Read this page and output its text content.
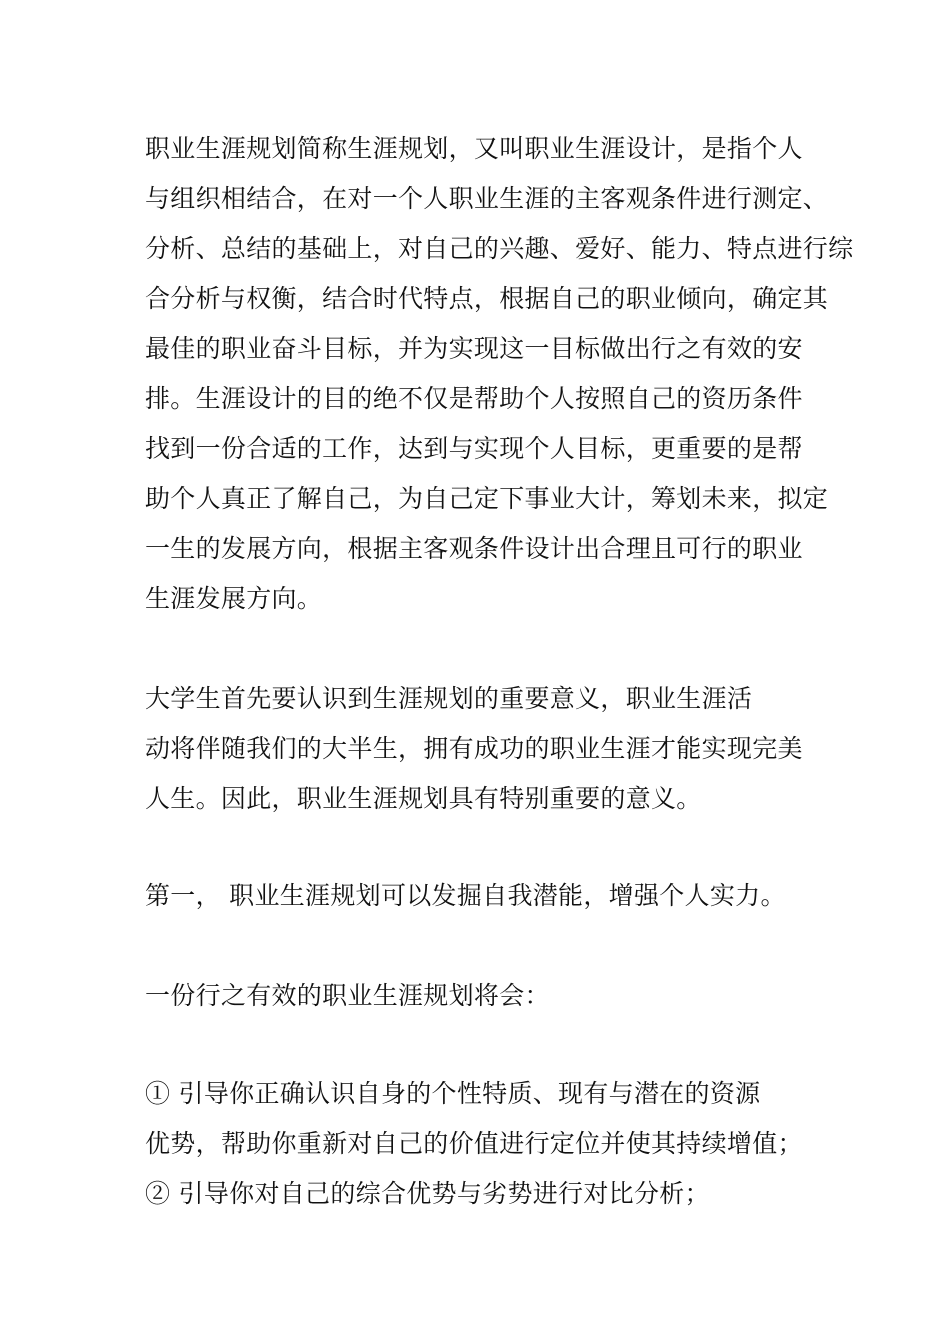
职业生涯规划简称生涯规划，又叫职业生涯设计，是指个人
与组织相结合，在对一个人职业生涯的主客观条件进行测定、
分析、总结的基础上，对自己的兴趣、爱好、能力、特点进行综
合分析与权衡，结合时代特点，根据自己的职业倾向，确定其
最佳的职业奋斗目标，并为实现这一目标做出行之有效的安
排。生涯设计的目的绝不仅是帮助个人按照自己的资历条件
找到一份合适的工作，达到与实现个人目标，更重要的是帮
助个人真正了解自己，为自己定下事业大计，筹划未来，拟定
一生的发展方向，根据主客观条件设计出合理且可行的职业
生涯发展方向。
大学生首先要认识到生涯规划的重要意义，职业生涯活
动将伴随我们的大半生，拥有成功的职业生涯才能实现完美
人生。因此，职业生涯规划具有特别重要的意义。
第一， 职业生涯规划可以发掘自我潜能，增强个人实力。
一份行之有效的职业生涯规划将会：
① 引导你正确认识自身的个性特质、现有与潜在的资源
优势，帮助你重新对自己的价值进行定位并使其持续增值；
② 引导你对自己的综合优势与劣势进行对比分析；
